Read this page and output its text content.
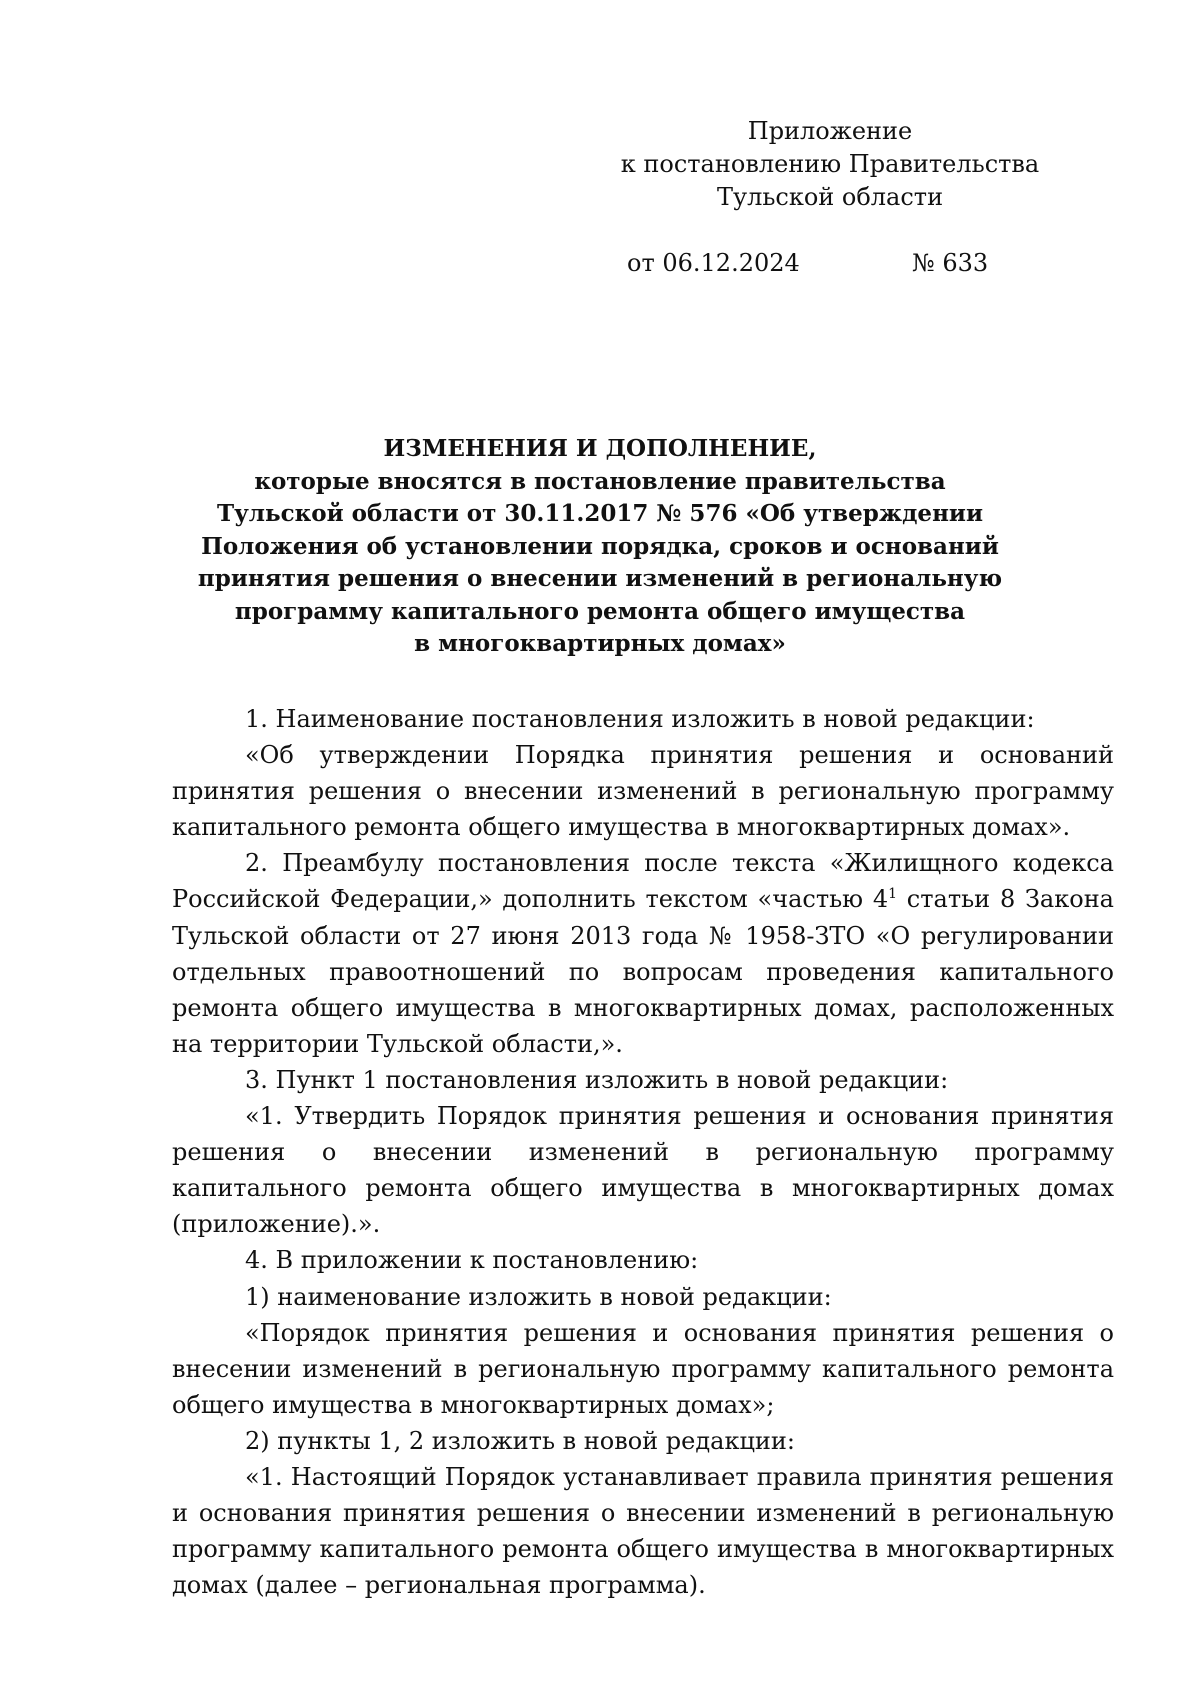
Приложение
к постановлению Правительства
Тульской области
от 06.12.2024	№ 633
ИЗМЕНЕНИЯ И ДОПОЛНЕНИЕ,
которые вносятся в постановление правительства
Тульской области от 30.11.2017 № 576 «Об утверждении
Положения об установлении порядка, сроков и оснований
принятия решения о внесении изменений в региональную
программу капитального ремонта общего имущества
в многоквартирных домах»

1. Наименование постановления изложить в новой редакции:

«Об утверждении Порядка принятия решения и оснований принятия решения о внесении изменений в региональную программу капитального ремонта общего имущества в многоквартирных домах».

2. Преамбулу постановления после текста «Жилищного кодекса Российской Федерации,» дополнить текстом «частью $4^1$ статьи 8 Закона Тульской области от 27 июня 2013 года № 1958-ЗТО «О регулировании отдельных правоотношений по вопросам проведения капитального ремонта общего имущества в многоквартирных домах, расположенных на территории Тульской области,».

3. Пункт 1 постановления изложить в новой редакции:

«1. Утвердить Порядок принятия решения и основания принятия решения о внесении изменений в региональную программу капитального ремонта общего имущества в многоквартирных домах (приложение).».

4. В приложении к постановлению:

1) наименование изложить в новой редакции:

«Порядок принятия решения и основания принятия решения о внесении изменений в региональную программу капитального ремонта общего имущества в многоквартирных домах»;

2) пункты 1, 2 изложить в новой редакции:

«1. Настоящий Порядок устанавливает правила принятия решения и основания принятия решения о внесении изменений в региональную программу капитального ремонта общего имущества в многоквартирных домах (далее – региональная программа).
